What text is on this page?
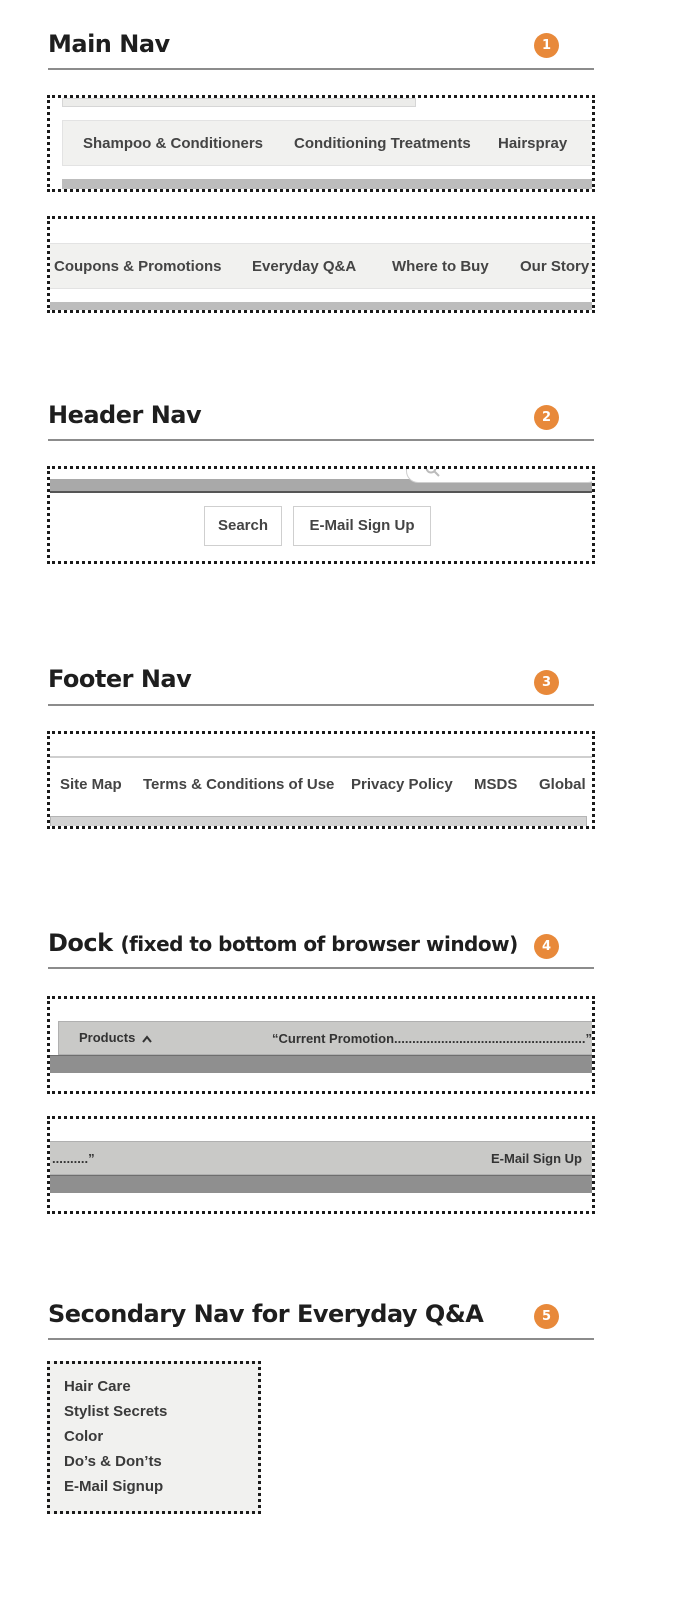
Main Nav	1
Shampoo & Conditioners Conditioning Treatments Hairspray
Coupons & Promotions Everyday Q&A Where to Buy Our Story
Header Nav	2
Search	E-Mail Sign Up
Footer Nav	3
Site Map Terms & Conditions of Use Privacy Policy MSDS Global
Dock (fixed to bottom of browser window)	4
Products	“Current Promotion.....................................................”
..........”	E-Mail Sign Up
Secondary Nav for Everyday Q&A	5
Hair Care
Stylist Secrets
Color
Do’s & Don’ts
E-Mail Signup
